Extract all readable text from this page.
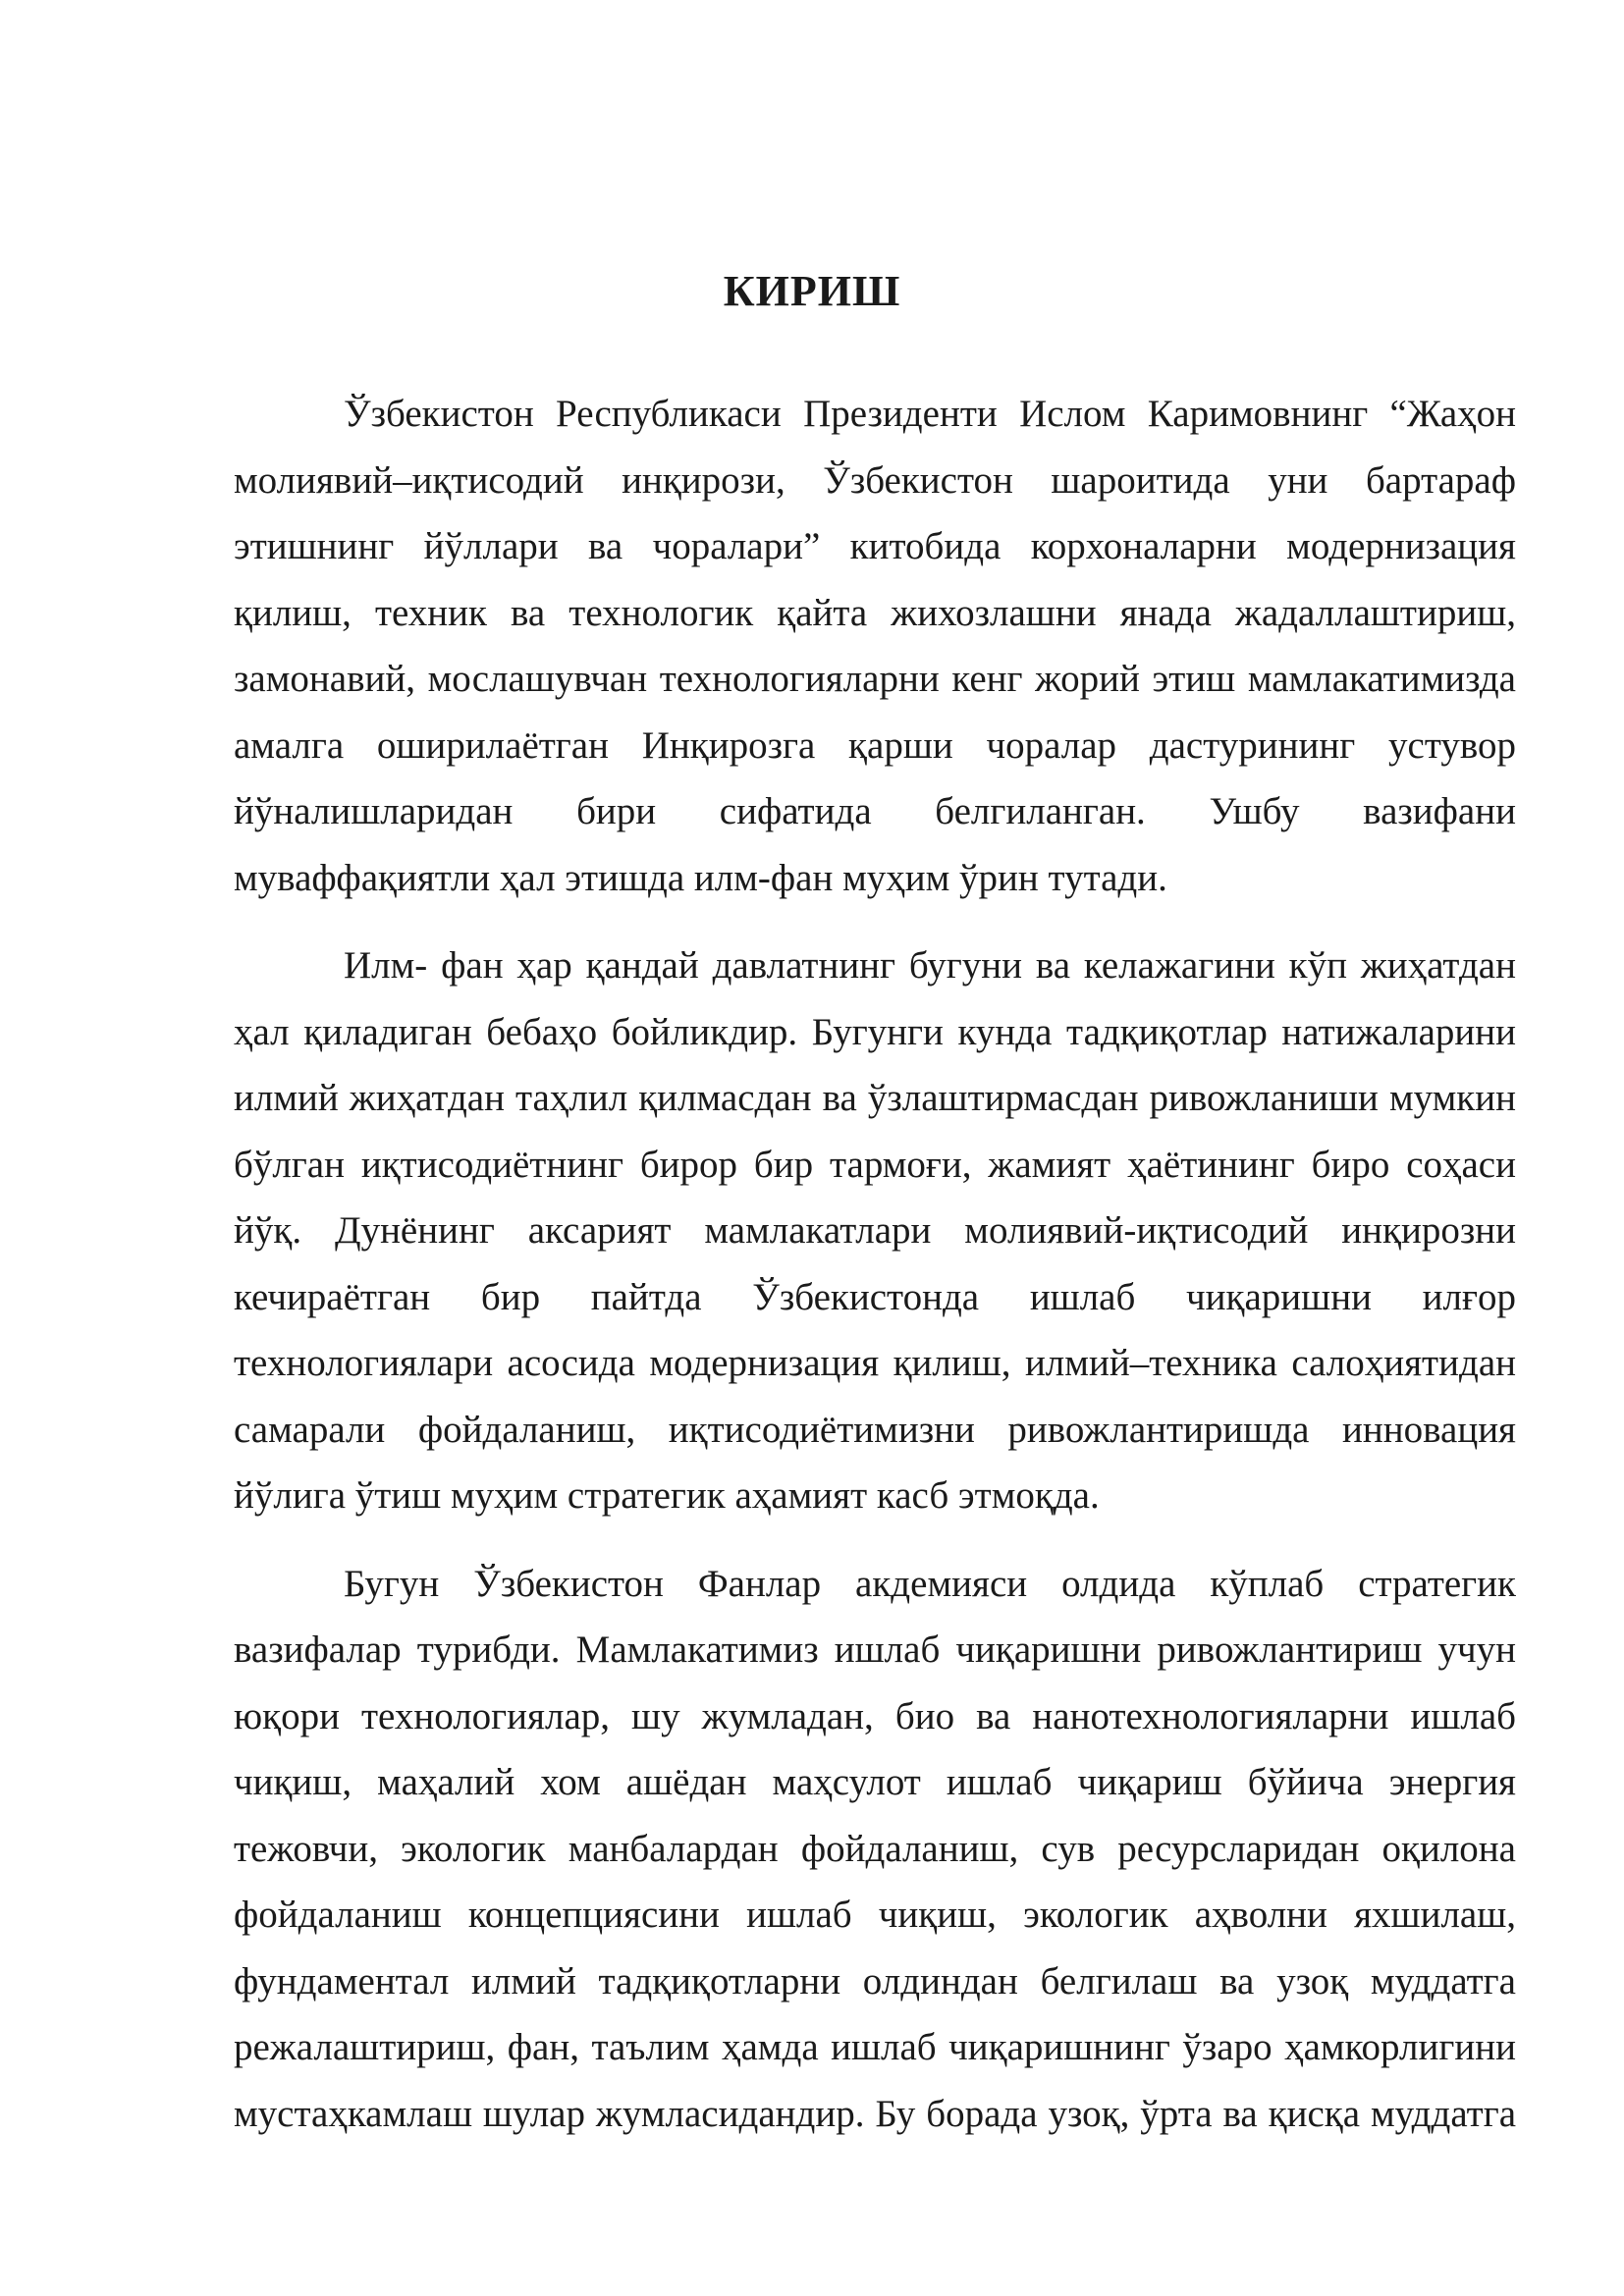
КИРИШ

Ўзбекистон Республикаси Президенти Ислом Каримовнинг “Жаҳон
молиявий–иқтисодий инқирози, Ўзбекистон шароитида уни бартараф
этишнинг йўллари ва чоралари” китобида корхоналарни модернизация
қилиш, техник ва технологик қайта жихозлашни янада жадаллаштириш,
замонавий, мослашувчан технологияларни кенг жорий этиш мамлакатимизда
амалга оширилаётган Инқирозга қарши чоралар дастурининг устувор
йўналишларидан бири сифатида белгиланган. Ушбу вазифани
муваффақиятли ҳал этишда илм-фан муҳим ўрин тутади.

Илм- фан ҳар қандай давлатнинг бугуни ва келажагини кўп жиҳатдан
ҳал қиладиган бебаҳо бойликдир. Бугунги кунда тадқиқотлар натижаларини
илмий жиҳатдан таҳлил қилмасдан ва ўзлаштирмасдан ривожланиши мумкин
бўлган иқтисодиётнинг бирор бир тармоғи, жамият ҳаётининг биро соҳаси
йўқ. Дунёнинг аксарият мамлакатлари молиявий-иқтисодий инқирозни
кечираётган бир пайтда Ўзбекистонда ишлаб чиқаришни илғор
технологиялари асосида модернизация қилиш, илмий–техника салоҳиятидан
самарали фойдаланиш, иқтисодиётимизни ривожлантиришда инновация
йўлига ўтиш муҳим стратегик аҳамият касб этмоқда.

Бугун Ўзбекистон Фанлар акдемияси олдида кўплаб стратегик
вазифалар турибди. Мамлакатимиз ишлаб чиқаришни ривожлантириш учун
юқори технологиялар, шу жумладан, био ва нанотехнологияларни ишлаб
чиқиш, маҳалий хом ашёдан маҳсулот ишлаб чиқариш бўйича энергия
тежовчи, экологик манбалардан фойдаланиш, сув ресурсларидан оқилона
фойдаланиш концепциясини ишлаб чиқиш, экологик аҳволни яхшилаш,
фундаментал илмий тадқиқотларни олдиндан белгилаш ва узоқ муддатга
режалаштириш, фан, таълим ҳамда ишлаб чиқаришнинг ўзаро ҳамкорлигини
мустаҳкамлаш шулар жумласидандир. Бу борада узоқ, ўрта ва қисқа муддатга
